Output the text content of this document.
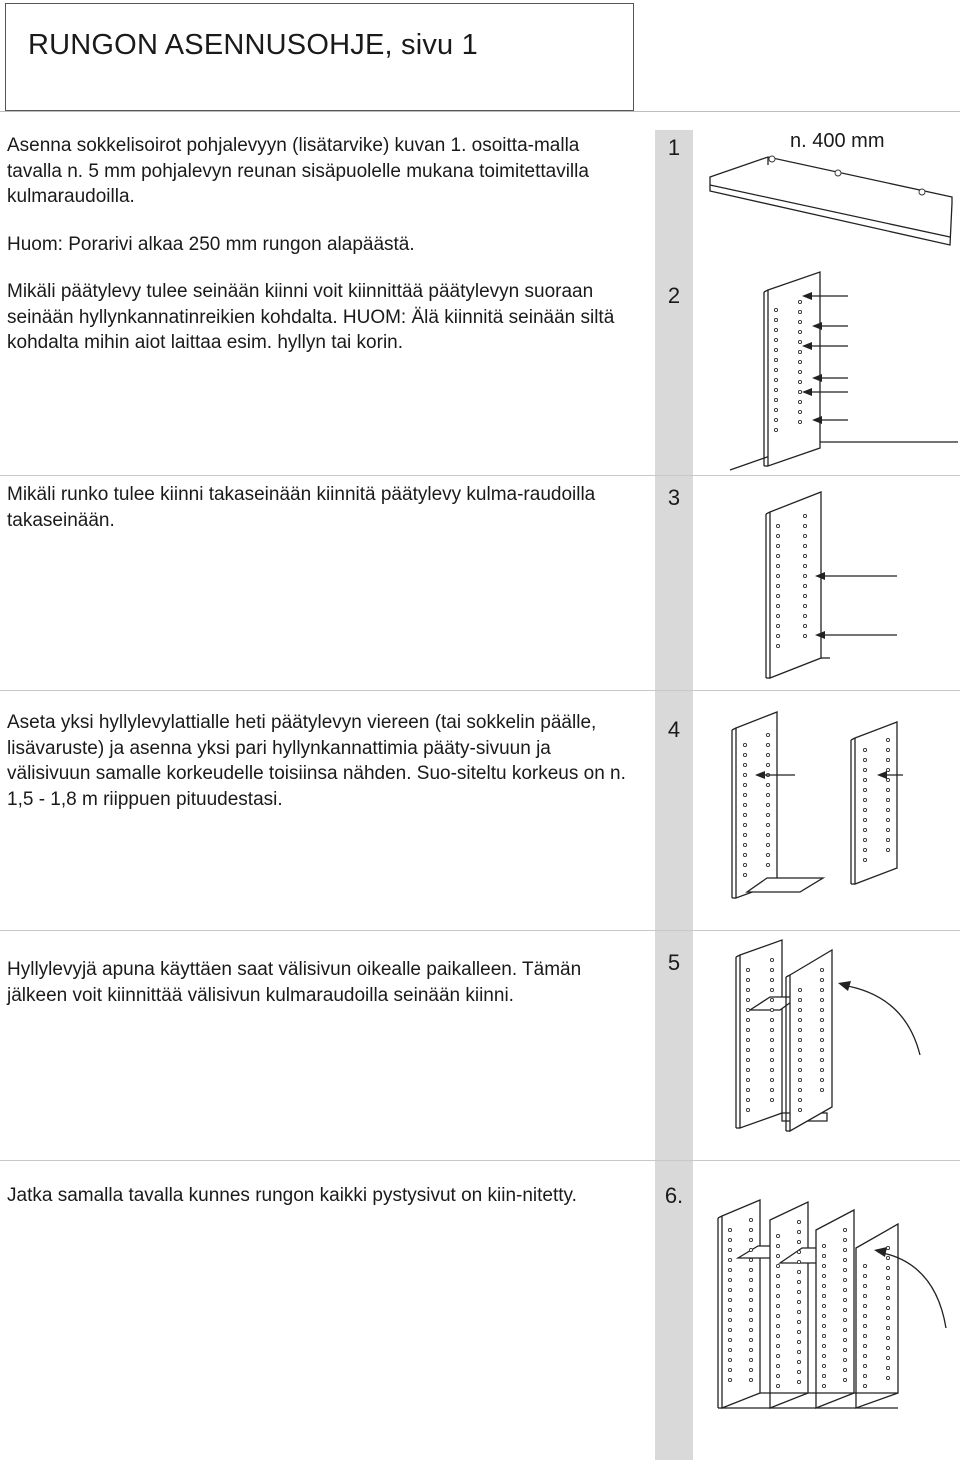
RUNGON ASENNUSOHJE, sivu 1

Asenna sokkelisoirot pohjalevyyn (lisätarvike) kuvan 1. osoitta-malla tavalla n. 5 mm pohjalevyn reunan sisäpuolelle mukana toimitettavilla kulmaraudoilla.

Huom: Porarivi alkaa 250 mm rungon alapäästä.

Mikäli päätylevy tulee seinään kiinni voit kiinnittää päätylevyn suoraan seinään hyllynkannatinreikien kohdalta. HUOM: Älä kiinnitä seinään siltä kohdalta mihin aiot laittaa esim. hyllyn tai korin.

1	n. 400 mm
2

Mikäli runko tulee kiinni takaseinään kiinnitä päätylevy kulma-raudoilla takaseinään.

3

Aseta yksi hyllylevylattialle heti päätylevyn viereen (tai sokkelin päälle, lisävaruste) ja asenna yksi pari hyllynkannattimia pääty-sivuun ja välisivuun samalle korkeudelle toisiinsa nähden. Suo-siteltu korkeus on n. 1,5 - 1,8 m riippuen pituudestasi.

4

Hyllylevyjä apuna käyttäen saat välisivun oikealle paikalleen. Tämän jälkeen voit kiinnittää välisivun kulmaraudoilla seinään kiinni.

5

Jatka samalla tavalla kunnes rungon kaikki pystysivut on kiin-nitetty.	6.
